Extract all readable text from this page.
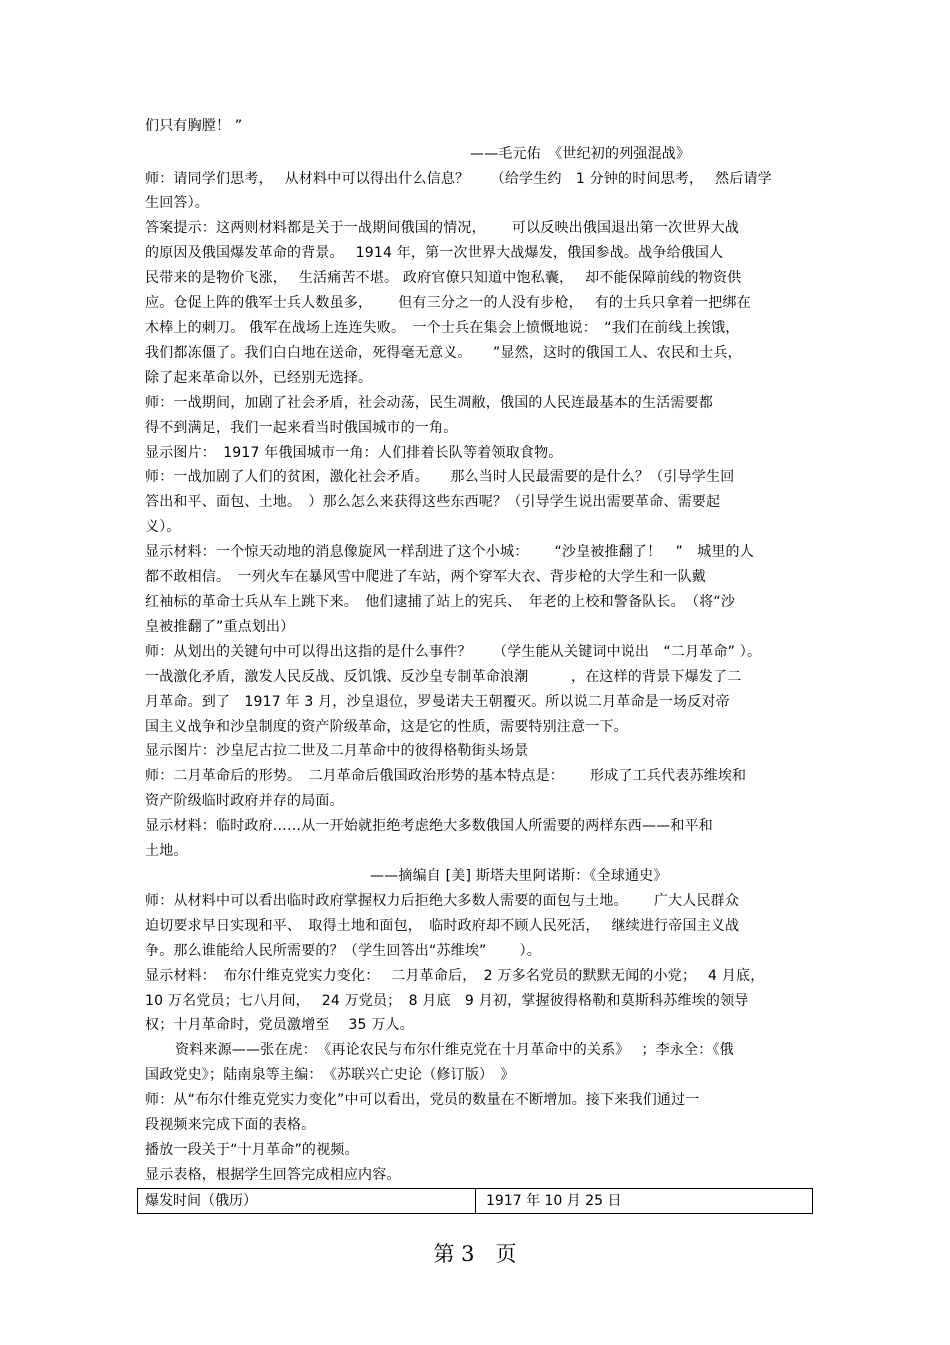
们只有胸膛！ ”
——毛元佑　《世纪初的列强混战》
师：请同学们思考，　 从材料中可以得出什么信息？　　（给学生约　1 分钟的时间思考，　 然后请学
生回答）。
答案提示：这两则材料都是关于一战期间俄国的情况，　　 可以反映出俄国退出第一次世界大战
的原因及俄国爆发革命的背景。　 1914 年，第一次世界大战爆发，俄国参战。战争给俄国人
民带来的是物价飞涨，　 生活痛苦不堪。 政府官僚只知道中饱私囊，　 却不能保障前线的物资供
应。仓促上阵的俄军士兵人数虽多，　　 但有三分之一的人没有步枪，　 有的士兵只拿着一把绑在
木棒上的刺刀。 俄军在战场上连连失败。　一个士兵在集会上愤慨地说：　“我们在前线上挨饿，
我们都冻僵了。我们白白地在送命，死得毫无意义。　　”显然，这时的俄国工人、农民和士兵，
除了起来革命以外，已经别无选择。
师：一战期间，加剧了社会矛盾，社会动荡，民生凋敝，俄国的人民连最基本的生活需要都
得不到满足，我们一起来看当时俄国城市的一角。
显示图片：　1917 年俄国城市一角：人们排着长队等着领取食物。
师：一战加剧了人们的贫困，激化社会矛盾。　　那么当时人民最需要的是什么？（引导学生回
答出和平、面包、土地。　）那么怎么来获得这些东西呢？（引导学生说出需要革命、需要起
义）。
显示材料：一个惊天动地的消息像旋风一样刮进了这个小城：　　 “沙皇被推翻了！　”　城里的人
都不敢相信。　一列火车在暴风雪中爬进了车站，两个穿军大衣、背步枪的大学生和一队戴
红袖标的革命士兵从车上跳下来。　他们逮捕了站上的宪兵、　年老的上校和警备队长。　（将“沙
皇被推翻了”重点划出）
师：从划出的关键句中可以得出这指的是什么事件？　　（学生能从关键词中说出　“二月革命” ）。
一战激化矛盾，激发人民反战、反饥饿、反沙皇专制革命浪潮　　　，在这样的背景下爆发了二
月革命。到了　1917 年 3 月，沙皇退位，罗曼诺夫王朝覆灭。所以说二月革命是一场反对帝
国主义战争和沙皇制度的资产阶级革命，这是它的性质，需要特别注意一下。
显示图片：沙皇尼古拉二世及二月革命中的彼得格勒街头场景
师：二月革命后的形势。　二月革命后俄国政治形势的基本特点是：　　 形成了工兵代表苏维埃和
资产阶级临时政府并存的局面。
显示材料：临时政府……从一开始就拒绝考虑绝大多数俄国人所需要的两样东西——和平和
土地。
——摘编自 [美] 斯塔夫里阿诺斯：《全球通史》
师：从材料中可以看出临时政府掌握权力后拒绝大多数人需要的面包与土地。　　 广大人民群众
迫切要求早日实现和平、　取得土地和面包，　临时政府却不顾人民死活，　 继续进行帝国主义战
争。那么谁能给人民所需要的？（学生回答出“苏维埃”　　 ）。
显示材料：　布尔什维克党实力变化：　 二月革命后，　2 万多名党员的默默无闻的小党；　 4 月底，
10 万名党员；七八月间，　 24 万党员；　8 月底　9 月初，掌握彼得格勒和莫斯科苏维埃的领导
权；十月革命时，党员激增至　 35 万人。
资料来源——张在虎：　《再论农民与布尔什维克党在十月革命中的关系》　 ；李永全：《俄
国政党史》；陆南泉等主编：　《苏联兴亡史论（修订版）　》
师：从“布尔什维克党实力变化”中可以看出，党员的数量在不断增加。接下来我们通过一
段视频来完成下面的表格。
播放一段关于“十月革命”的视频。
显示表格，根据学生回答完成相应内容。
爆发时间（俄历）	1917 年 10 月 25 日
第 3　页
